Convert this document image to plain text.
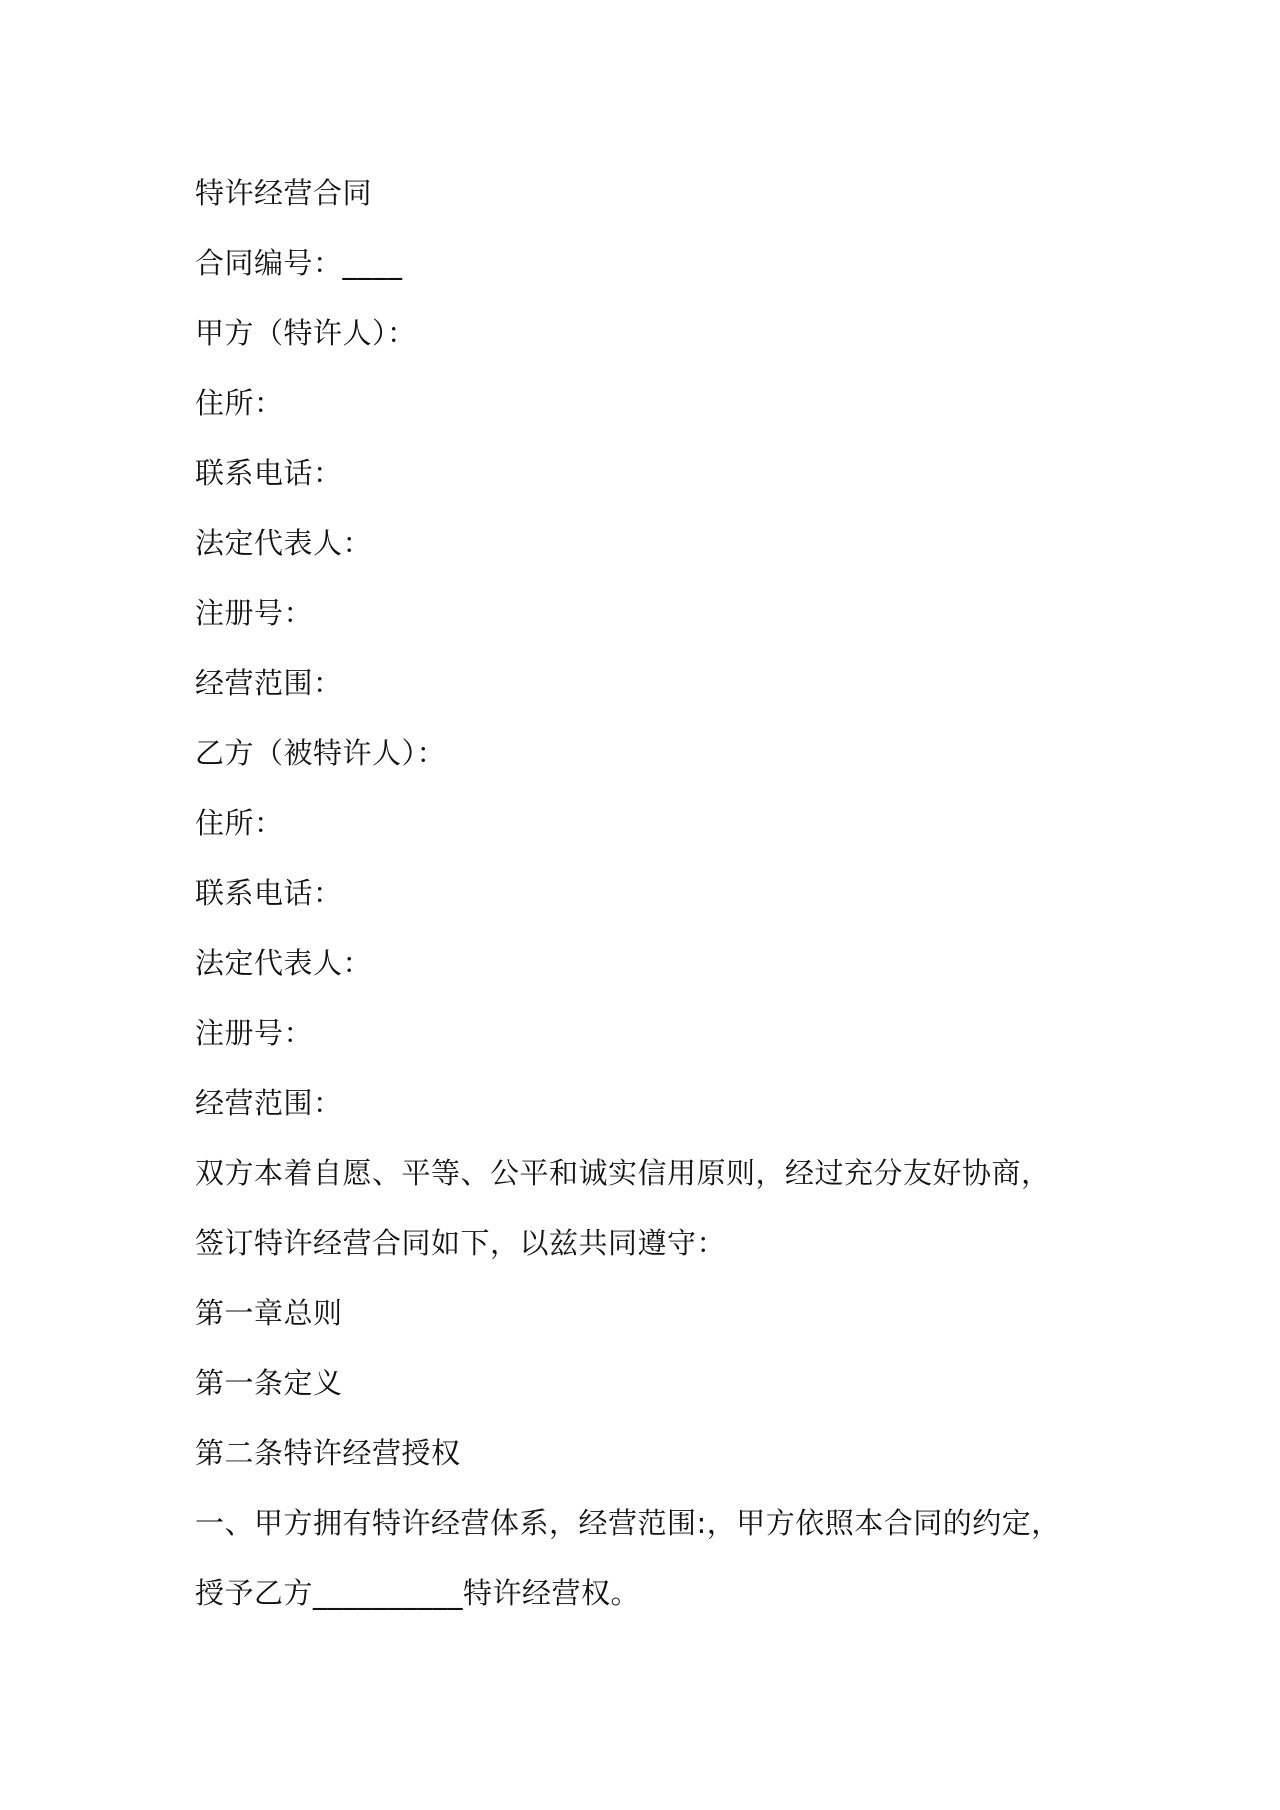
特许经营合同

合同编号：____

甲方（特许人）：

住所：

联系电话：

法定代表人：

注册号：

经营范围：

乙方（被特许人）：

住所：

联系电话：

法定代表人：

注册号：

经营范围：

双方本着自愿、平等、公平和诚实信用原则，经过充分友好协商，

签订特许经营合同如下，以兹共同遵守：

第一章总则

第一条定义

第二条特许经营授权

一、甲方拥有特许经营体系，经营范围:，甲方依照本合同的约定，

授予乙方__________特许经营权。
